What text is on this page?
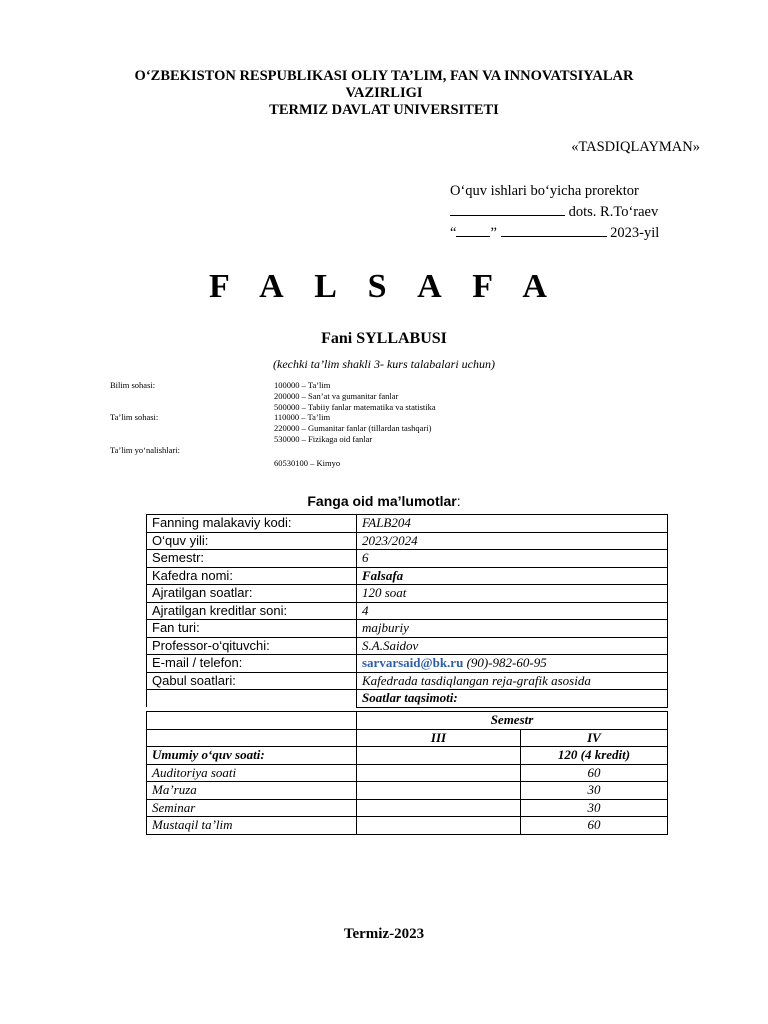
O‘ZBEKISTON RESPUBLIKASI OLIY TA’LIM, FAN VA INNOVATSIYALAR
VAZIRLIGI
TERMIZ DAVLAT UNIVERSITETI
«TASDIQLAYMAN»
O‘quv ishlari bo‘yicha prorektor
dots. R.To‘raev
“ ”	2023-yil
F A L S A F A
Fani SYLLABUSI
(kechki ta’lim shakli 3- kurs talabalari uchun)
Bilim sohasi:	100000 – Ta’lim
200000 – San’at va gumanitar fanlar
500000 – Tabiiy fanlar matematika va statistika
Ta’lim sohasi:	110000 – Ta’lim
220000 – Gumanitar fanlar (tillardan tashqari)
530000 – Fizikaga oid fanlar
Ta’lim yo‘nalishlari:
60530100 – Kimyo
Fanga oid ma’lumotlar:
Fanning malakaviy kodi:	FALB204
O‘quv yili:	2023/2024
Semestr:	6
Kafedra nomi:	Falsafa
Ajratilgan soatlar:	120 soat
Ajratilgan kreditlar soni:	4
Fan turi:	majburiy
Professor-o‘qituvchi:	S.A.Saidov
E-mail / telefon:	sarvarsaid@bk.ru (90)-982-60-95
Qabul soatlari:	Kafedrada tasdiqlangan reja-grafik asosida
	Soatlar taqsimoti:
	Semestr	
	III	IV
Umumiy o‘quv soati:		120 (4 kredit)
Auditoriya soati		60
Ma’ruza		30
Seminar		30
Mustaqil ta’lim		60
Termiz-2023
